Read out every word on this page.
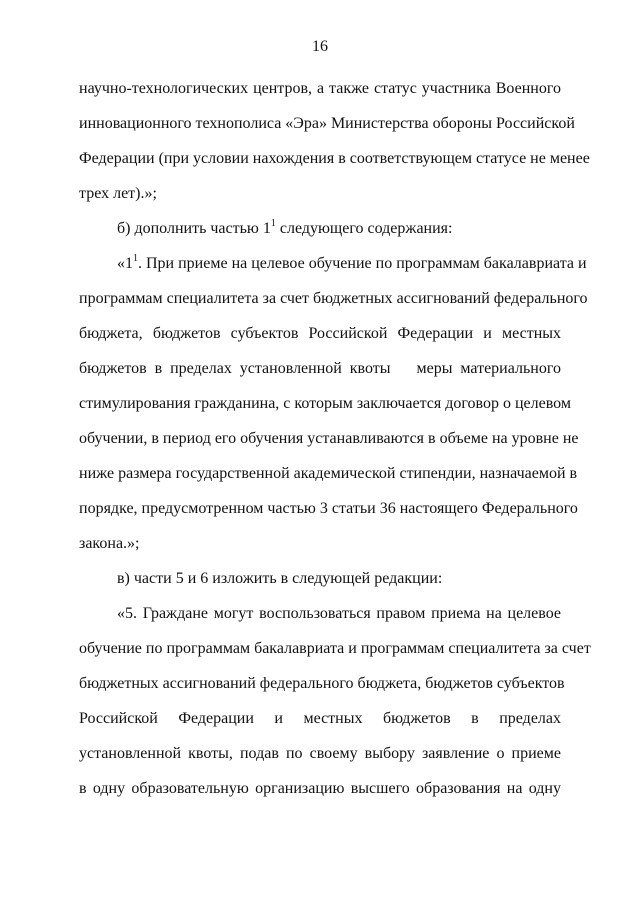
16
научно-технологических центров, а также статус участника Военного
инновационного технополиса «Эра» Министерства обороны Российской
Федерации (при условии нахождения в соответствующем статусе не менее
трех лет).»;
б) дополнить частью $1^1$ следующего содержания:
«$1^1$. При приеме на целевое обучение по программам бакалавриата и
программам специалитета за счет бюджетных ассигнований федерального
бюджета, бюджетов субъектов Российской Федерации и местных
бюджетов в пределах установленной квоты меры материального
стимулирования гражданина, с которым заключается договор о целевом
обучении, в период его обучения устанавливаются в объеме на уровне не
ниже размера государственной академической стипендии, назначаемой в
порядке, предусмотренном частью 3 статьи 36 настоящего Федерального
закона.»;
в) части 5 и 6 изложить в следующей редакции:
«5. Граждане могут воспользоваться правом приема на целевое
обучение по программам бакалавриата и программам специалитета за счет
бюджетных ассигнований федерального бюджета, бюджетов субъектов
Российской Федерации и местных бюджетов в пределах
установленной квоты, подав по своему выбору заявление о приеме
в одну образовательную организацию высшего образования на одну
